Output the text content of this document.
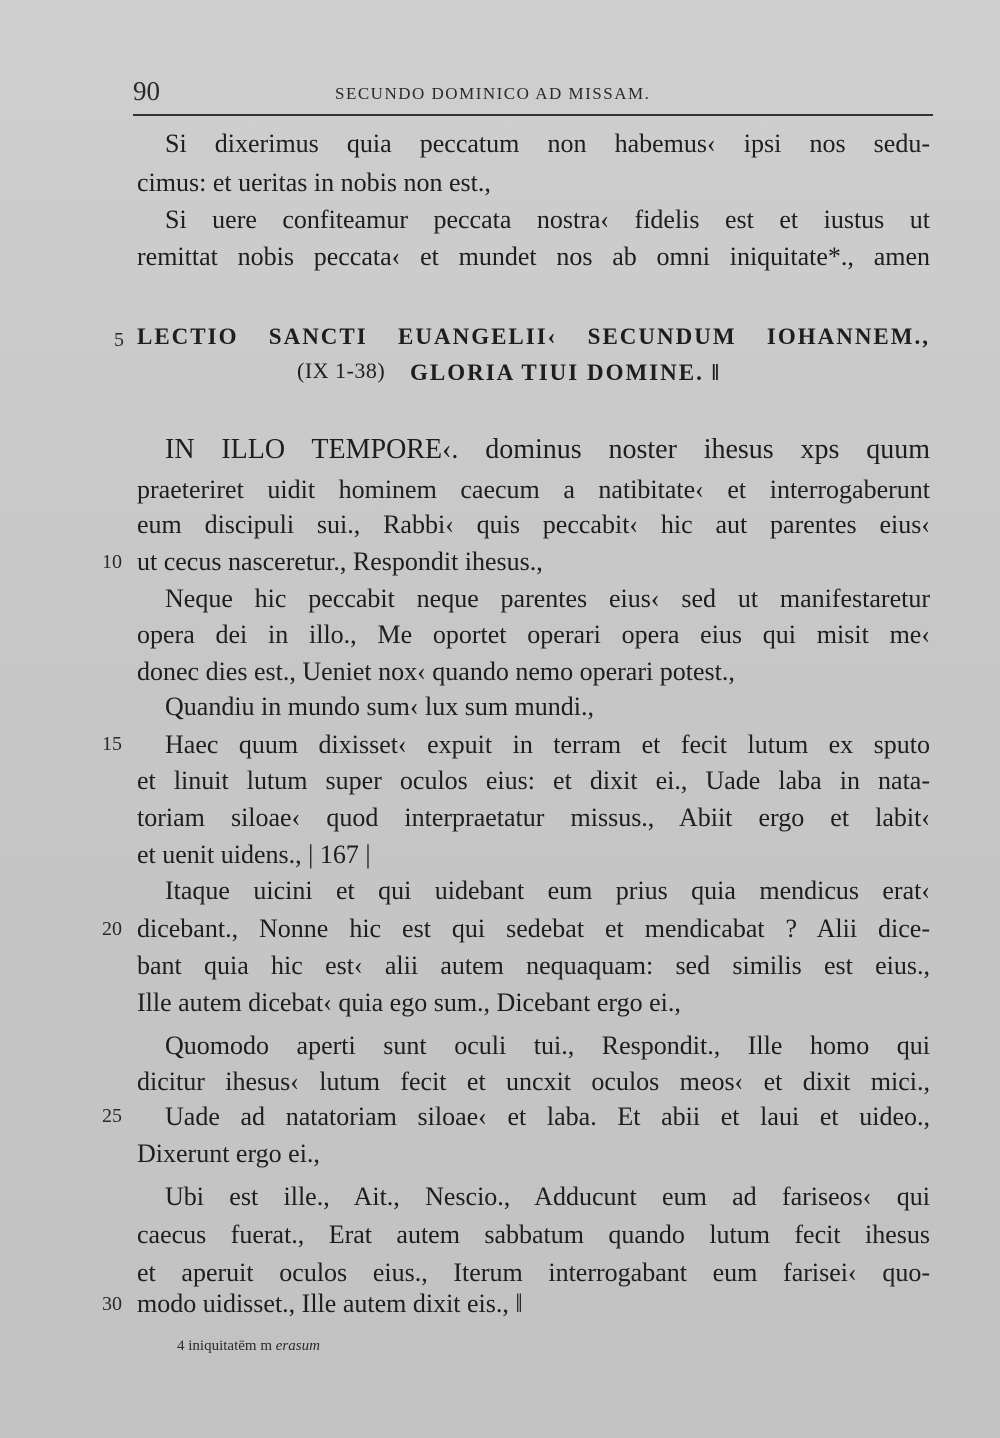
90	SECUNDO DOMINICO AD MISSAM.
Si dixerimus quia peccatum non habemus‹ ipsi nos sedu-
cimus: et ueritas in nobis non est.,
Si uere confiteamur peccata nostra‹ fidelis est et iustus ut
remittat nobis peccata‹ et mundet nos ab omni iniquitate*., amen
5 LECTIO SANCTI EUANGELII‹ SECUNDUM IOHANNEM.,
(IX 1-38) GLORIA TIUI DOMINE. ‖
IN ILLO TEMPORE‹. dominus noster ihesus xps quum
praeteriret uidit hominem caecum a natibitate‹ et interrogaberunt
eum discipuli sui., Rabbi‹ quis peccabit‹ hic aut parentes eius‹
10 ut cecus nasceretur., Respondit ihesus.,
Neque hic peccabit neque parentes eius‹ sed ut manifestaretur
opera dei in illo., Me oportet operari opera eius qui misit me‹
donec dies est., Ueniet nox‹ quando nemo operari potest.,
Quandiu in mundo sum‹ lux sum mundi.,
15 Haec quum dixisset‹ expuit in terram et fecit lutum ex sputo
et linuit lutum super oculos eius: et dixit ei., Uade laba in nata-
toriam siloae‹ quod interpraetatur missus., Abiit ergo et labit‹
et uenit uidens., | 167 |
Itaque uicini et qui uidebant eum prius quia mendicus erat‹
20 dicebant., Nonne hic est qui sedebat et mendicabat ? Alii dice-
bant quia hic est‹ alii autem nequaquam: sed similis est eius.,
Ille autem dicebat‹ quia ego sum., Dicebant ergo ei.,
Quomodo aperti sunt oculi tui., Respondit., Ille homo qui
dicitur ihesus‹ lutum fecit et uncxit oculos meos‹ et dixit mici.,
25 Uade ad natatoriam siloae‹ et laba. Et abii et laui et uideo.,
Dixerunt ergo ei.,
Ubi est ille., Ait., Nescio., Adducunt eum ad fariseos‹ qui
caecus fuerat., Erat autem sabbatum quando lutum fecit ihesus
et aperuit oculos eius., Iterum interrogabant eum farisei‹ quo-
30 modo uidisset., Ille autem dixit eis., ‖
4 iniquitatēm m erasum
